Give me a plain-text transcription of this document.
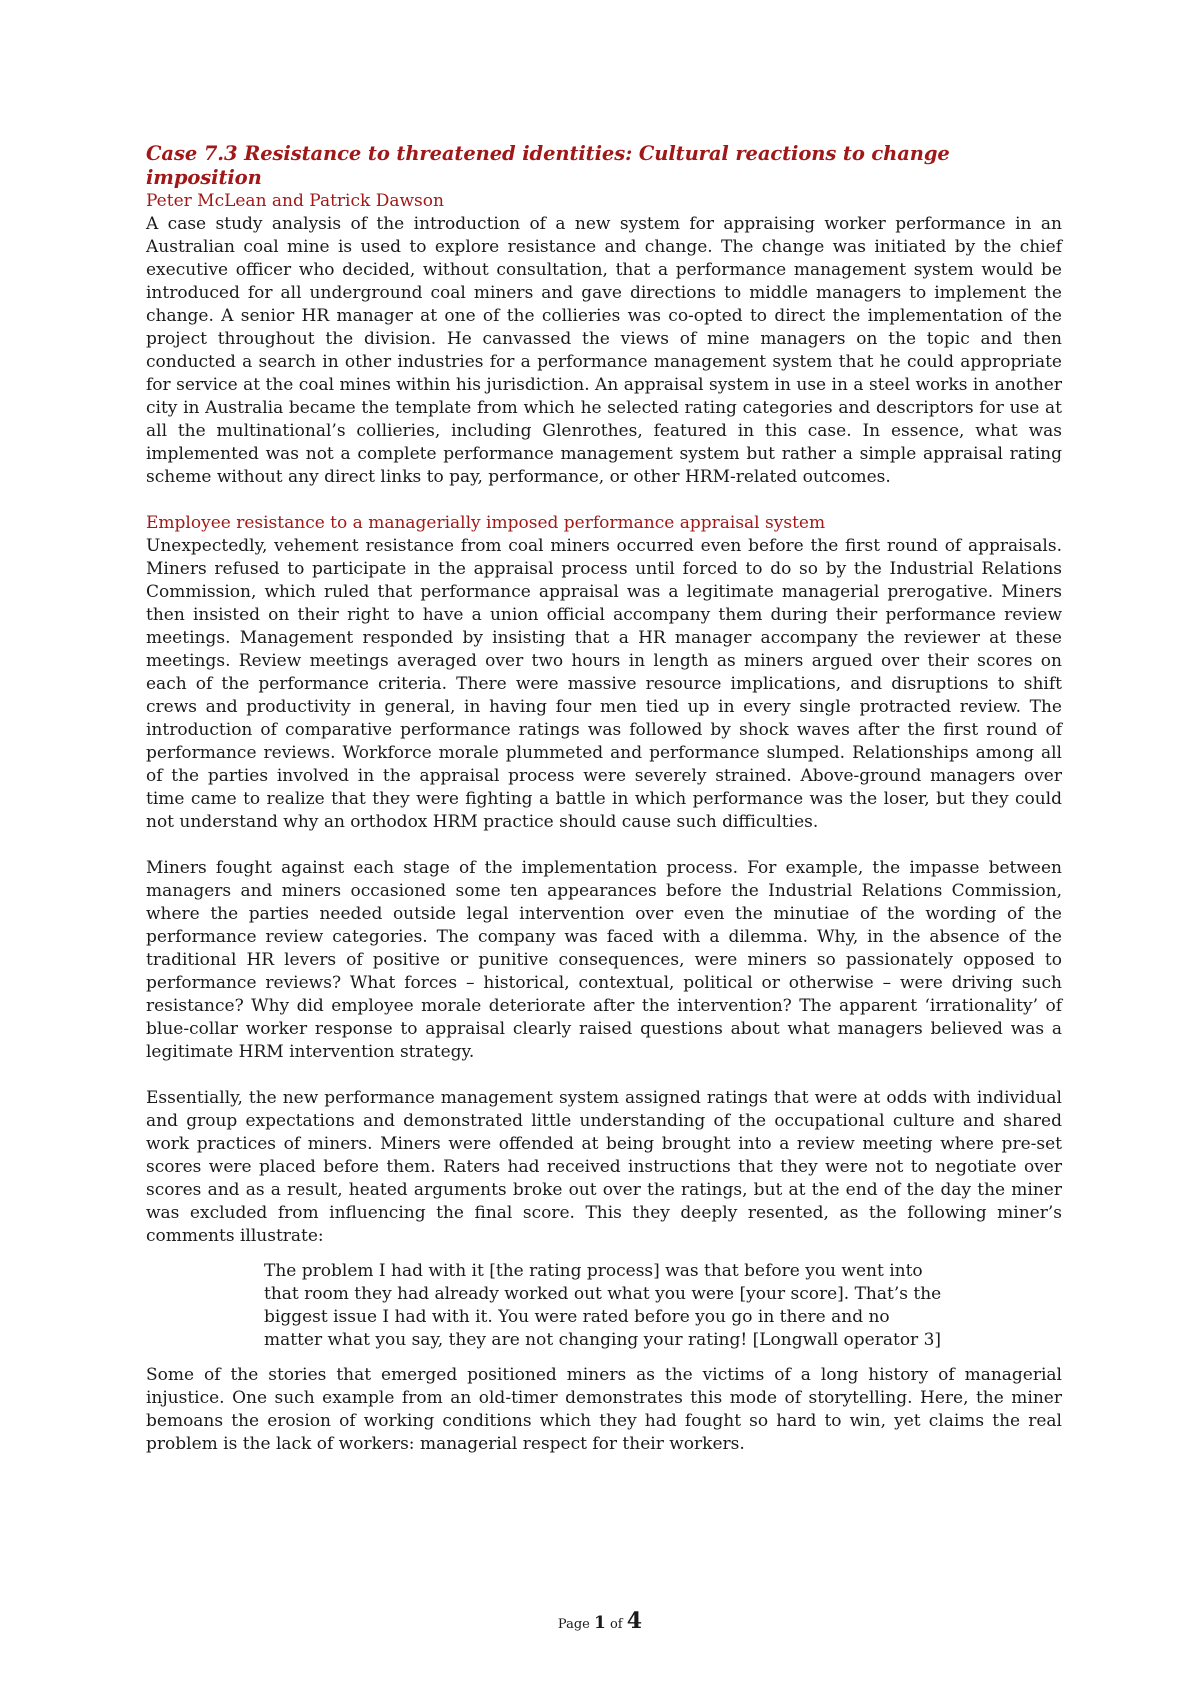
Case 7.3 Resistance to threatened identities: Cultural reactions to change imposition

Peter McLean and Patrick Dawson

A case study analysis of the introduction of a new system for appraising worker performance in an Australian coal mine is used to explore resistance and change. The change was initiated by the chief executive officer who decided, without consultation, that a performance management system would be introduced for all underground coal miners and gave directions to middle managers to implement the change. A senior HR manager at one of the collieries was co-opted to direct the implementation of the project throughout the division. He canvassed the views of mine managers on the topic and then conducted a search in other industries for a performance management system that he could appropriate for service at the coal mines within his jurisdiction. An appraisal system in use in a steel works in another city in Australia became the template from which he selected rating categories and descriptors for use at all the multinational’s collieries, including Glenrothes, featured in this case. In essence, what was implemented was not a complete performance management system but rather a simple appraisal rating scheme without any direct links to pay, performance, or other HRM-related outcomes.

Employee resistance to a managerially imposed performance appraisal system

Unexpectedly, vehement resistance from coal miners occurred even before the first round of appraisals. Miners refused to participate in the appraisal process until forced to do so by the Industrial Relations Commission, which ruled that performance appraisal was a legitimate managerial prerogative. Miners then insisted on their right to have a union official accompany them during their performance review meetings. Management responded by insisting that a HR manager accompany the reviewer at these meetings. Review meetings averaged over two hours in length as miners argued over their scores on each of the performance criteria. There were massive resource implications, and disruptions to shift crews and productivity in general, in having four men tied up in every single protracted review. The introduction of comparative performance ratings was followed by shock waves after the first round of performance reviews. Workforce morale plummeted and performance slumped. Relationships among all of the parties involved in the appraisal process were severely strained. Above-ground managers over time came to realize that they were fighting a battle in which performance was the loser, but they could not understand why an orthodox HRM practice should cause such difficulties.

Miners fought against each stage of the implementation process. For example, the impasse between managers and miners occasioned some ten appearances before the Industrial Relations Commission, where the parties needed outside legal intervention over even the minutiae of the wording of the performance review categories. The company was faced with a dilemma. Why, in the absence of the traditional HR levers of positive or punitive consequences, were miners so passionately opposed to performance reviews? What forces – historical, contextual, political or otherwise – were driving such resistance? Why did employee morale deteriorate after the intervention? The apparent ‘irrationality’ of blue-collar worker response to appraisal clearly raised questions about what managers believed was a legitimate HRM intervention strategy.

Essentially, the new performance management system assigned ratings that were at odds with individual and group expectations and demonstrated little understanding of the occupational culture and shared work practices of miners. Miners were offended at being brought into a review meeting where pre-set scores were placed before them. Raters had received instructions that they were not to negotiate over scores and as a result, heated arguments broke out over the ratings, but at the end of the day the miner was excluded from influencing the final score. This they deeply resented, as the following miner’s comments illustrate:

The problem I had with it [the rating process] was that before you went into that room they had already worked out what you were [your score]. That’s the biggest issue I had with it. You were rated before you go in there and no matter what you say, they are not changing your rating! [Longwall operator 3]

Some of the stories that emerged positioned miners as the victims of a long history of managerial injustice. One such example from an old-timer demonstrates this mode of storytelling. Here, the miner bemoans the erosion of working conditions which they had fought so hard to win, yet claims the real problem is the lack of workers: managerial respect for their workers.

Page 1 of 4
